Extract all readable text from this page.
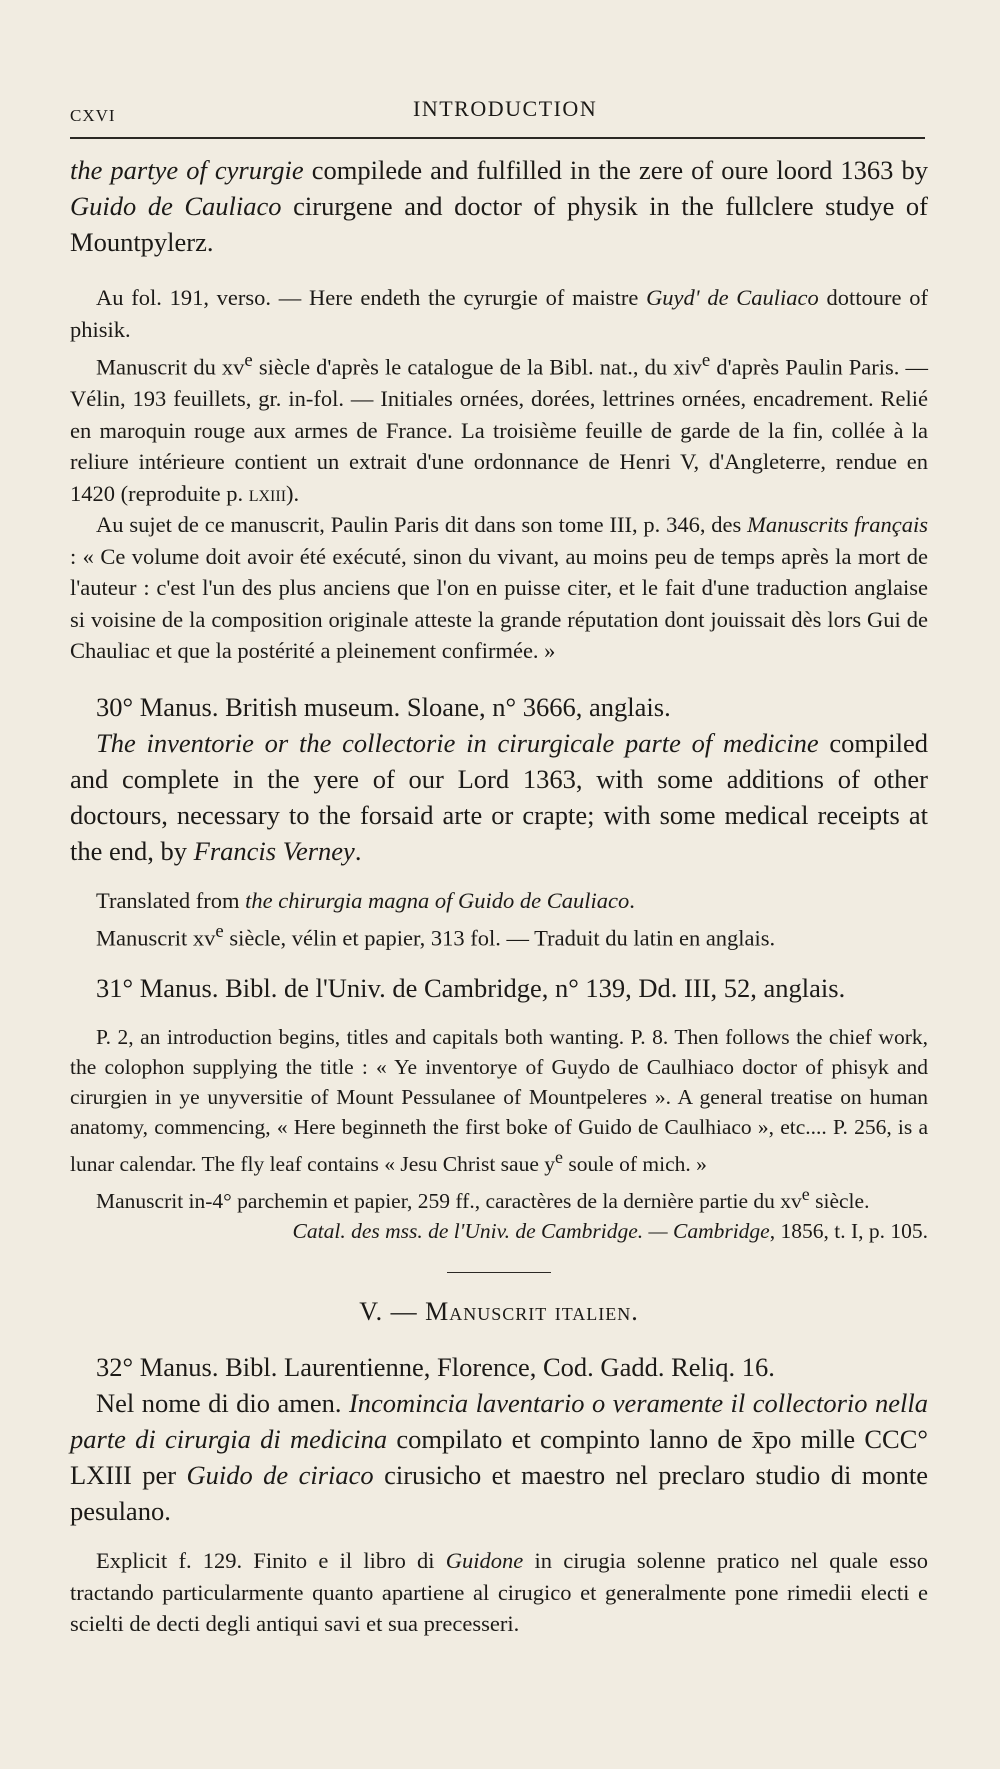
CXVI	INTRODUCTION

the partye of cyrurgie compilede and fulfilled in the zere of oure loord 1363 by Guido de Cauliaco cirurgene and doctor of physik in the fullclere studye of Mountpylerz.

Au fol. 191, verso. — Here endeth the cyrurgie of maistre Guyd' de Cauliaco dottoure of phisik.

Manuscrit du $xv^e$ siècle d'après le catalogue de la Bibl. nat., du xiv$^e$ d'après Paulin Paris. — Vélin, 193 feuillets, gr. in-fol. — Initiales ornées, dorées, lettrines ornées, encadrement. Relié en maroquin rouge aux armes de France. La troisième feuille de garde de la fin, collée à la reliure intérieure contient un extrait d'une ordonnance de Henri V, d'Angleterre, rendue en 1420 (reproduite p. lxiii).

Au sujet de ce manuscrit, Paulin Paris dit dans son tome III, p. 346, des Manuscrits français : « Ce volume doit avoir été exécuté, sinon du vivant, au moins peu de temps après la mort de l'auteur : c'est l'un des plus anciens que l'on en puisse citer, et le fait d'une traduction anglaise si voisine de la composition originale atteste la grande réputation dont jouissait dès lors Gui de Chauliac et que la postérité a pleinement confirmée. »

30° Manus. British museum. Sloane, n° 3666, anglais.

The inventorie or the collectorie in cirurgicale parte of medicine compiled and complete in the yere of our Lord 1363, with some additions of other doctours, necessary to the forsaid arte or crapte; with some medical receipts at the end, by Francis Verney.

Translated from the chirurgia magna of Guido de Cauliaco.

Manuscrit $xv^e$ siècle, vélin et papier, 313 fol. — Traduit du latin en anglais.

31° Manus. Bibl. de l'Univ. de Cambridge, n° 139, Dd. III, 52, anglais.

P. 2, an introduction begins, titles and capitals both wanting. P. 8. Then follows the chief work, the colophon supplying the title : « Ye inventorye of Guydo de Caulhiaco doctor of phisyk and cirurgien in ye unyversitie of Mount Pessulanee of Mountpeleres ». A general treatise on human anatomy, commencing, « Here beginneth the first boke of Guido de Caulhiaco », etc.... P. 256, is a lunar calendar. The fly leaf contains « Jesu Christ saue $y^e$ soule of mich. »

Manuscrit in-4° parchemin et papier, 259 ff., caractères de la dernière partie du $xv^e$ siècle.

Catal. des mss. de l'Univ. de Cambridge. — Cambridge, 1856, t. I, p. 105.

V. — Manuscrit italien.

32° Manus. Bibl. Laurentienne, Florence, Cod. Gadd. Reliq. 16.

Nel nome di dio amen. Incomincia laventario o veramente il collectorio nella parte di cirurgia di medicina compilato et compinto lanno de x̄po mille CCC° LXIII per Guido de ciriaco cirusicho et maestro nel preclaro studio di monte pesulano.

Explicit f. 129. Finito e il libro di Guidone in cirugia solenne pratico nel quale esso tractando particularmente quanto apartiene al cirugico et generalmente pone rimedii electi e scielti de decti degli antiqui savi et sua precesseri.
